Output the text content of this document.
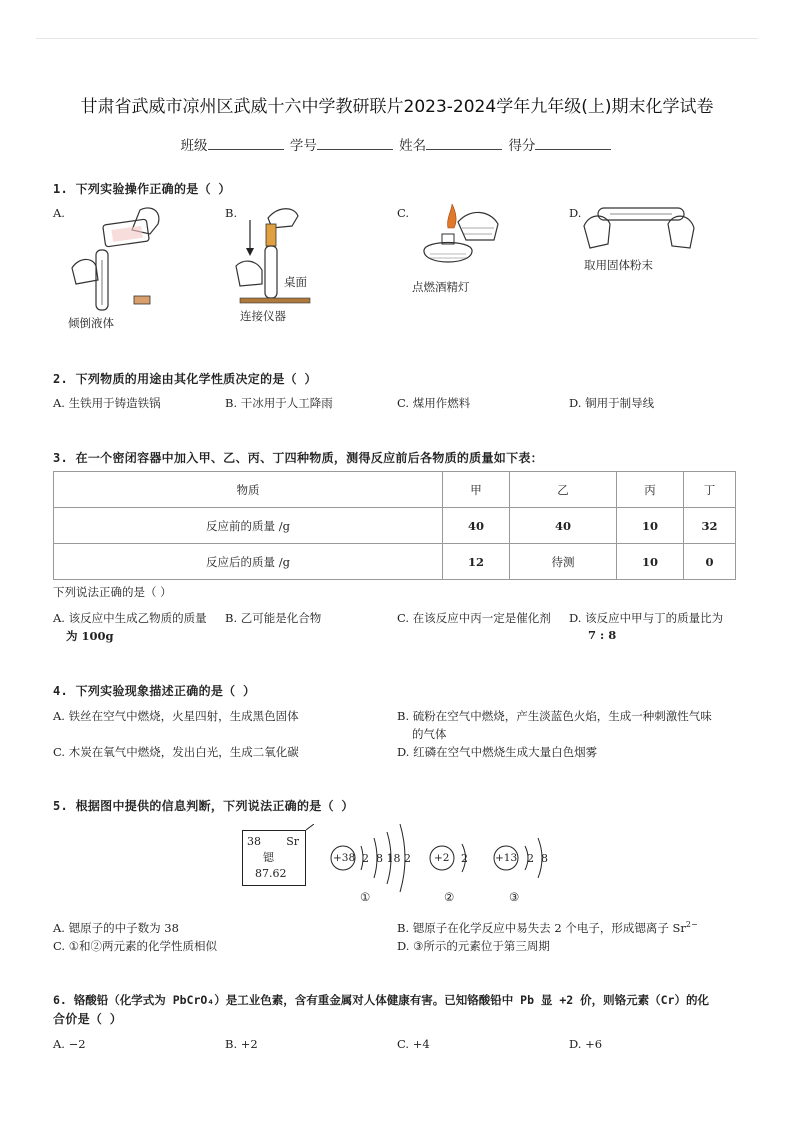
甘肃省武威市凉州区武威十六中学教研联片2023-2024学年九年级(上)期末化学试卷
班级	学号	姓名	得分
1. 下列实验操作正确的是（ ）
A.	B.	C.	D.
倾倒液体
桌面
连接仪器
点燃酒精灯
取用固体粉末
2. 下列物质的用途由其化学性质决定的是（ ）
A. 生铁用于铸造铁锅	B. 干冰用于人工降雨	C. 煤用作燃料	D. 铜用于制导线
3. 在一个密闭容器中加入甲、乙、丙、丁四种物质，测得反应前后各物质的质量如下表：
物质	甲	乙	丙	丁
反应前的质量 /g	40	40	10	32
反应后的质量 /g	12	待测	10	0
下列说法正确的是（ ）
A. 该反应中生成乙物质的质量
为 100g
B. 乙可能是化合物	C. 在该反应中丙一定是催化剂 D. 该反应中甲与丁的质量比为
7 : 8
4. 下列实验现象描述正确的是（ ）
A. 铁丝在空气中燃烧，火星四射，生成黑色固体	B. 硫粉在空气中燃烧，产生淡蓝色火焰，生成一种刺激性气味
的气体
C. 木炭在氧气中燃烧，发出白光，生成二氧化碳	D. 红磷在空气中燃烧生成大量白色烟雾
5. 根据图中提供的信息判断，下列说法正确的是（ ）
38 Sr
锶
87.62
+38 2  8 18 2
①
+2 2
②
+13 2  8
③
A. 锶原子的中子数为 38	B. 锶原子在化学反应中易失去 2 个电子，形成锶离子 $Sr^{2-}$
C. ①和②两元素的化学性质相似	D. ③所示的元素位于第三周期
6. 铬酸铅（化学式为 PbCrO₄）是工业色素，含有重金属对人体健康有害。已知铬酸铅中 Pb 显 +2 价，则铬元素（Cr）的化
合价是（ ）
A. −2	B. +2	C. +4	D. +6
